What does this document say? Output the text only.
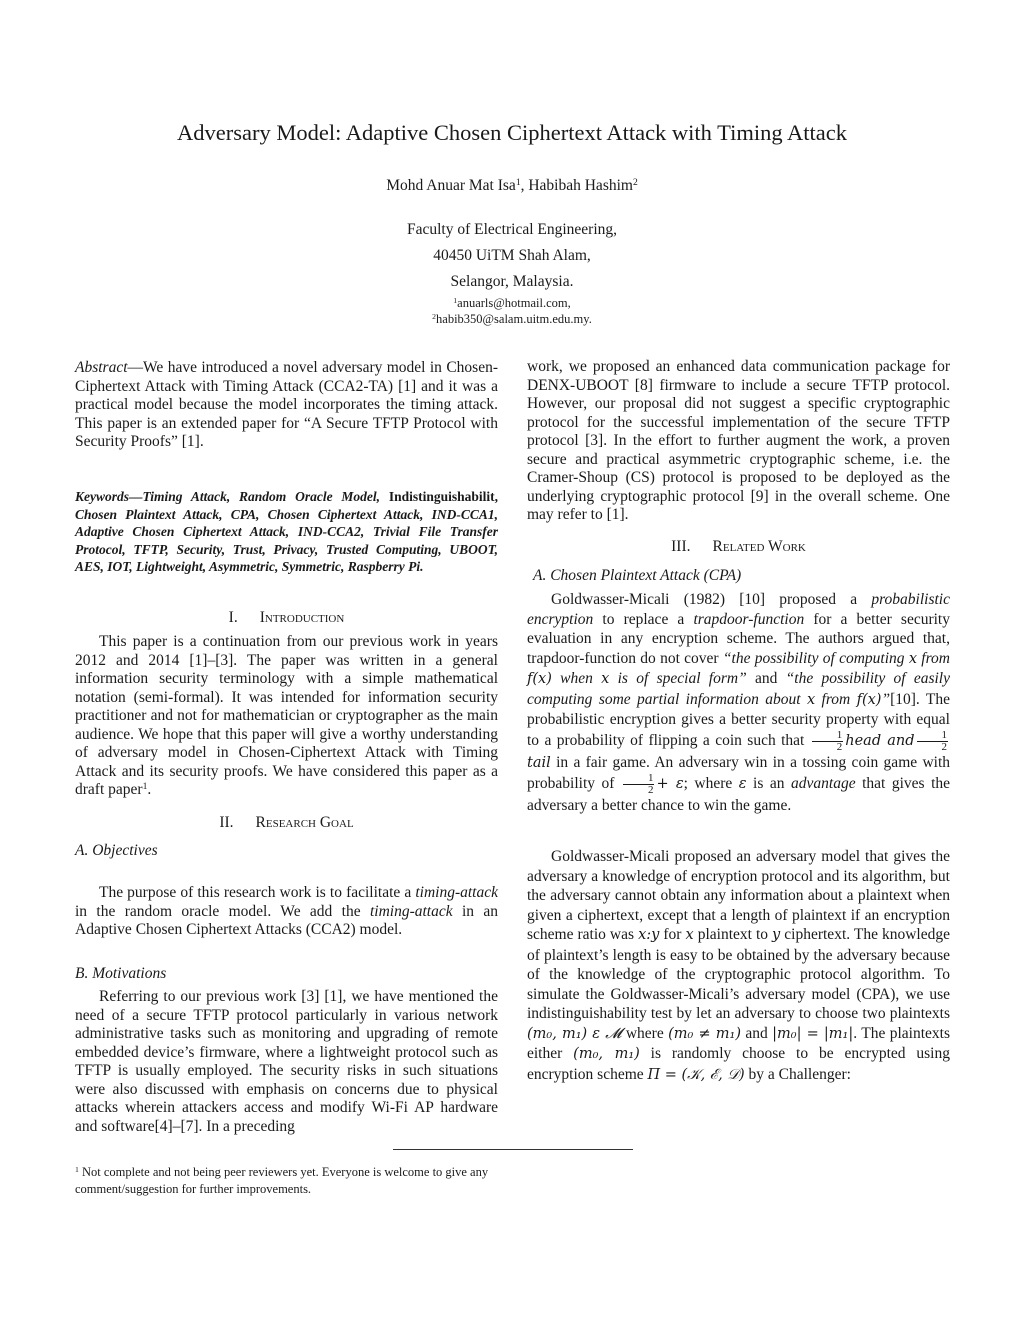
Adversary Model: Adaptive Chosen Ciphertext Attack with Timing Attack
Mohd Anuar Mat Isa$^1$, Habibah Hashim$^2$
Faculty of Electrical Engineering,
40450 UiTM Shah Alam,
Selangor, Malaysia.
$^1$anuarls@hotmail.com,
$^2$habib350@salam.uitm.edu.my.
Abstract—We have introduced a novel adversary model in Chosen-Ciphertext Attack with Timing Attack (CCA2-TA) [1] and it was a practical model because the model incorporates the timing attack. This paper is an extended paper for “A Secure TFTP Protocol with Security Proofs” [1].
Keywords—Timing Attack, Random Oracle Model, Indistinguishabilit, Chosen Plaintext Attack, CPA, Chosen Ciphertext Attack, IND-CCA1, Adaptive Chosen Ciphertext Attack, IND-CCA2, Trivial File Transfer Protocol, TFTP, Security, Trust, Privacy, Trusted Computing, UBOOT, AES, IOT, Lightweight, Asymmetric, Symmetric, Raspberry Pi.
I. Introduction
This paper is a continuation from our previous work in years 2012 and 2014 [1]–[3]. The paper was written in a general information security terminology with a simple mathematical notation (semi-formal). It was intended for information security practitioner and not for mathematician or cryptographer as the main audience. We hope that this paper will give a worthy understanding of adversary model in Chosen-Ciphertext Attack with Timing Attack and its security proofs. We have considered this paper as a draft paper$^1$.
II. Research Goal
A. Objectives
The purpose of this research work is to facilitate a timing-attack in the random oracle model. We add the timing-attack in an Adaptive Chosen Ciphertext Attacks (CCA2) model.
B. Motivations
Referring to our previous work [3] [1], we have mentioned the need of a secure TFTP protocol particularly in various network administrative tasks such as monitoring and upgrading of remote embedded device’s firmware, where a lightweight protocol such as TFTP is usually employed. The security risks in such situations were also discussed with emphasis on concerns due to physical attacks wherein attackers access and modify Wi-Fi AP hardware and software[4]–[7]. In a preceding
work, we proposed an enhanced data communication package for DENX-UBOOT [8] firmware to include a secure TFTP protocol. However, our proposal did not suggest a specific cryptographic protocol for the successful implementation of the secure TFTP protocol [3]. In the effort to further augment the work, a proven secure and practical asymmetric cryptographic scheme, i.e. the Cramer-Shoup (CS) protocol is proposed to be deployed as the underlying cryptographic protocol [9] in the overall scheme. One may refer to [1].
III. Related Work
A. Chosen Plaintext Attack (CPA)
Goldwasser-Micali (1982) [10] proposed a probabilistic encryption to replace a trapdoor-function for a better security evaluation in any encryption scheme. The authors argued that, trapdoor-function do not cover “the possibility of computing x from f(x) when x is of special form” and “the possibility of easily computing some partial information about x from f(x)”[10]. The probabilistic encryption gives a better security property with equal to a probability of flipping a coin such that $\frac{1}{2}$ head and $\frac{1}{2}$
tail in a fair game. An adversary win in a tossing coin game with probability of $\frac{1}{2} + \varepsilon$; where ε is an advantage that gives the adversary a better chance to win the game.
Goldwasser-Micali proposed an adversary model that gives the adversary a knowledge of encryption protocol and its algorithm, but the adversary cannot obtain any information about a plaintext when given a ciphertext, except that a length of plaintext if an encryption scheme ratio was x:y for x plaintext to y ciphertext. The knowledge of plaintext’s length is easy to be obtained by the adversary because of the knowledge of the cryptographic protocol algorithm. To simulate the Goldwasser-Micali’s adversary model (CPA), we use indistinguishability test by let an adversary to choose two plaintexts (m₀, m₁) ε 𝓜 where (m₀ ≠ m₁) and |m₀| = |m₁|. The plaintexts either (m₀, m₁) is randomly choose to be encrypted using encryption scheme Π = (𝒦, ℰ, 𝒟) by a Challenger:
$^1$ Not complete and not being peer reviewers yet. Everyone is welcome to give any comment/suggestion for further improvements.
